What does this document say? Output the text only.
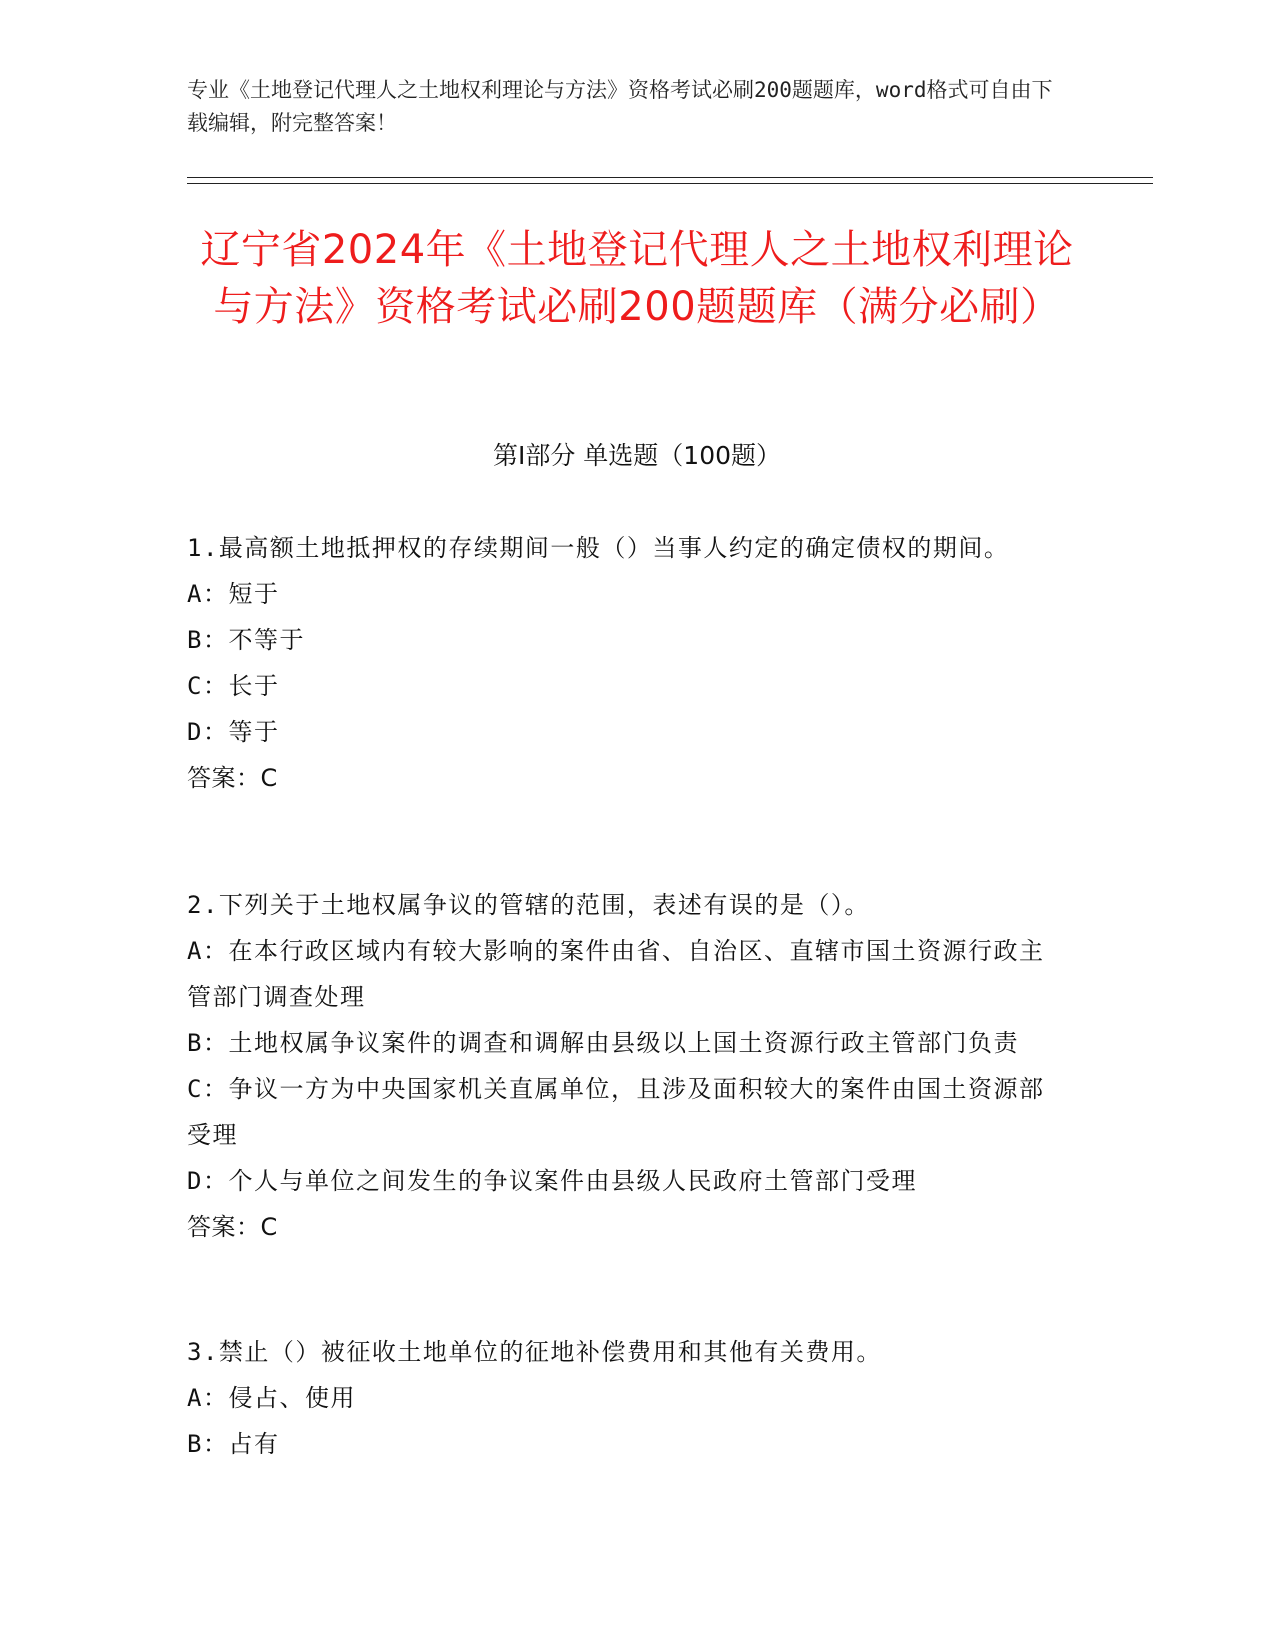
专业《土地登记代理人之土地权利理论与方法》资格考试必刷200题题库，word格式可自由下载编辑，附完整答案！
辽宁省2024年《土地登记代理人之土地权利理论与方法》资格考试必刷200题题库（满分必刷）
第Ⅰ部分 单选题（100题）
1.最高额土地抵押权的存续期间一般（）当事人约定的确定债权的期间。
A：短于
B：不等于
C：长于
D：等于
答案：C
2.下列关于土地权属争议的管辖的范围，表述有误的是（）。
A：在本行政区域内有较大影响的案件由省、自治区、直辖市国土资源行政主管部门调查处理
B：土地权属争议案件的调查和调解由县级以上国土资源行政主管部门负责
C：争议一方为中央国家机关直属单位，且涉及面积较大的案件由国土资源部受理
D：个人与单位之间发生的争议案件由县级人民政府土管部门受理
答案：C
3.禁止（）被征收土地单位的征地补偿费用和其他有关费用。
A：侵占、使用
B：占有
